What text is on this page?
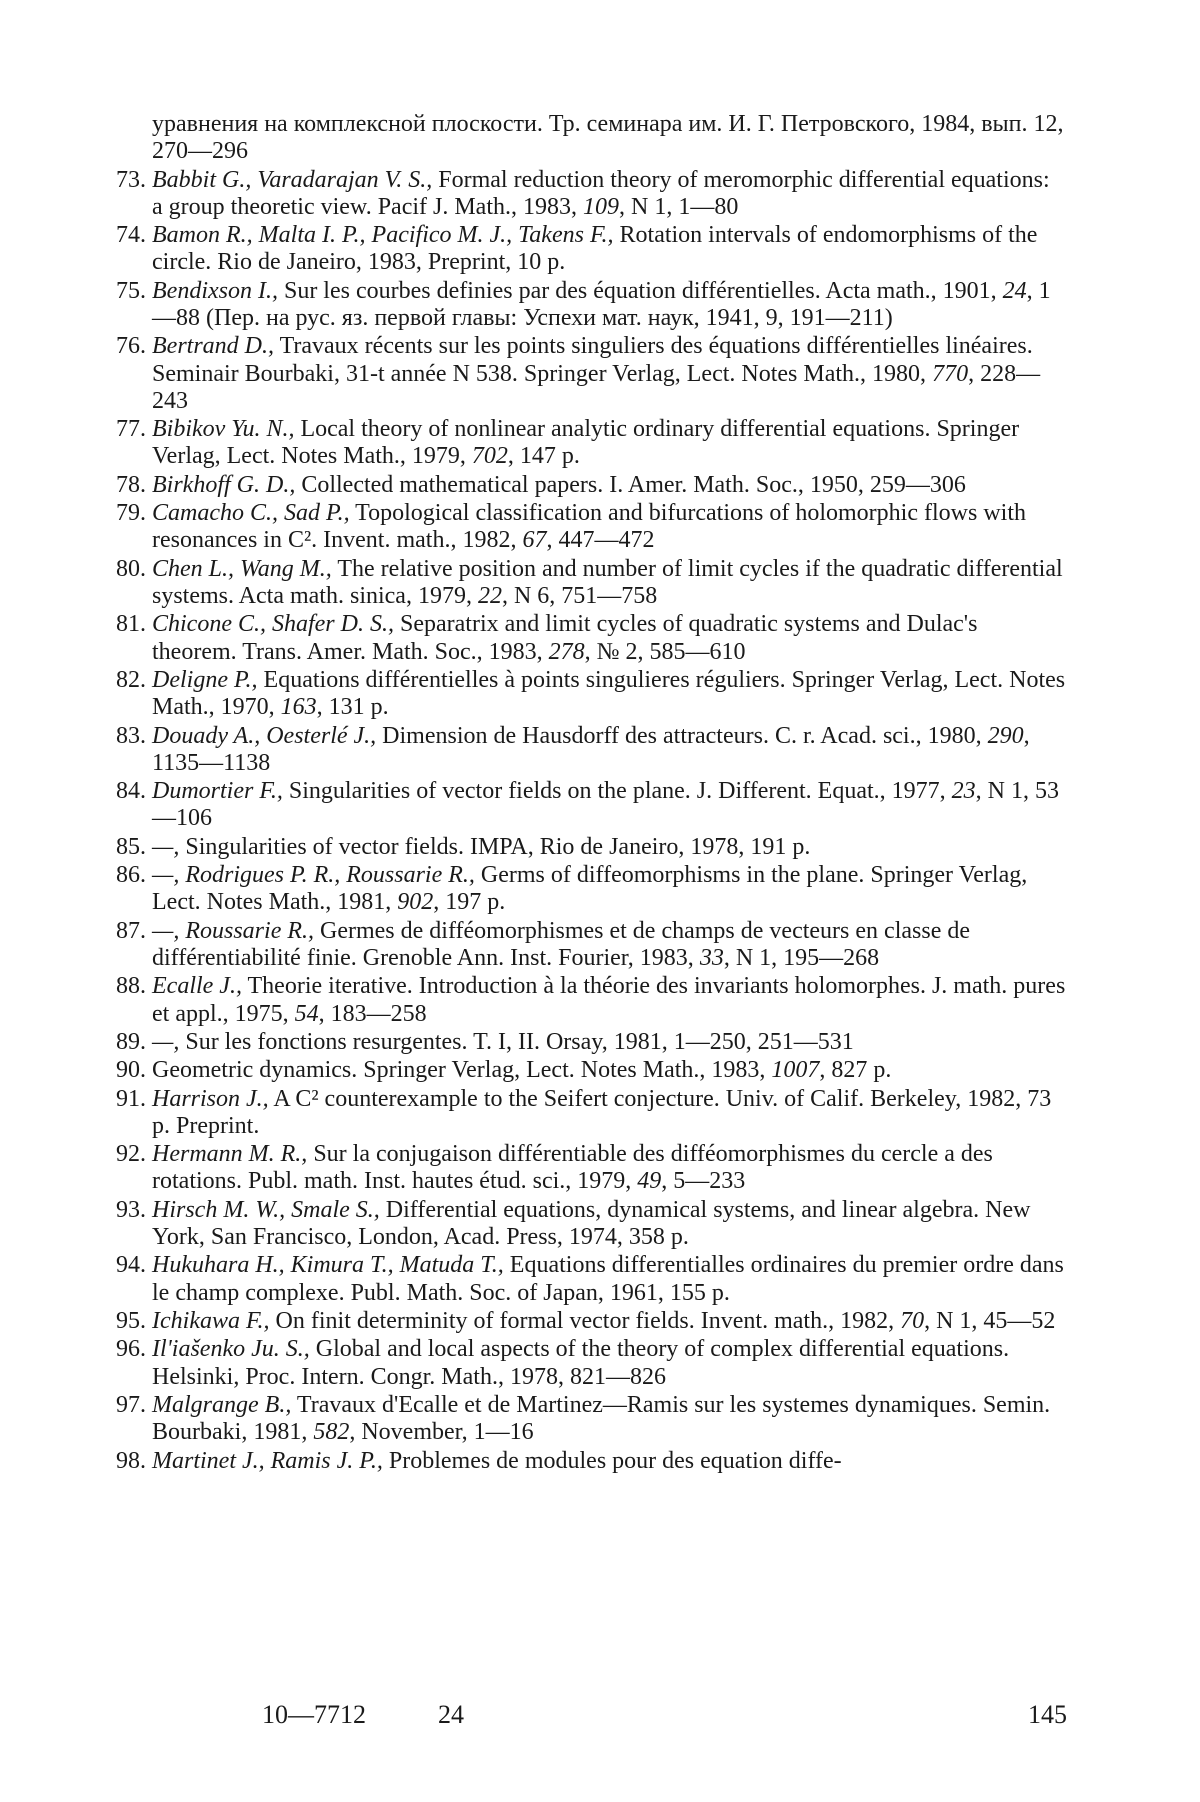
уравнения на комплексной плоскости. Тр. семинара им. И. Г. Петровского, 1984, вып. 12, 270—296
73. Babbit G., Varadarajan V. S., Formal reduction theory of meromorphic differential equations: a group theoretic view. Pacif J. Math., 1983, 109, N 1, 1—80
74. Bamon R., Malta I. P., Pacifico M. J., Takens F., Rotation intervals of endomorphisms of the circle. Rio de Janeiro, 1983, Preprint, 10 p.
75. Bendixson I., Sur les courbes definies par des équation différentielles. Acta math., 1901, 24, 1—88 (Пер. на рус. яз. первой главы: Успехи мат. наук, 1941, 9, 191—211)
76. Bertrand D., Travaux récents sur les points singuliers des équations différentielles linéaires. Seminair Bourbaki, 31-t année N 538. Springer Verlag, Lect. Notes Math., 1980, 770, 228—243
77. Bibikov Yu. N., Local theory of nonlinear analytic ordinary differential equations. Springer Verlag, Lect. Notes Math., 1979, 702, 147 p.
78. Birkhoff G. D., Collected mathematical papers. I. Amer. Math. Soc., 1950, 259—306
79. Camacho C., Sad P., Topological classification and bifurcations of holomorphic flows with resonances in C². Invent. math., 1982, 67, 447—472
80. Chen L., Wang M., The relative position and number of limit cycles if the quadratic differential systems. Acta math. sinica, 1979, 22, N 6, 751—758
81. Chicone C., Shafer D. S., Separatrix and limit cycles of quadratic systems and Dulac's theorem. Trans. Amer. Math. Soc., 1983, 278, № 2, 585—610
82. Deligne P., Equations différentielles à points singulieres réguliers. Springer Verlag, Lect. Notes Math., 1970, 163, 131 p.
83. Douady A., Oesterlé J., Dimension de Hausdorff des attracteurs. C. r. Acad. sci., 1980, 290, 1135—1138
84. Dumortier F., Singularities of vector fields on the plane. J. Different. Equat., 1977, 23, N 1, 53—106
85. —, Singularities of vector fields. IMPA, Rio de Janeiro, 1978, 191 p.
86. —, Rodrigues P. R., Roussarie R., Germs of diffeomorphisms in the plane. Springer Verlag, Lect. Notes Math., 1981, 902, 197 p.
87. —, Roussarie R., Germes de difféomorphismes et de champs de vecteurs en classe de différentiabilité finie. Grenoble Ann. Inst. Fourier, 1983, 33, N 1, 195—268
88. Ecalle J., Theorie iterative. Introduction à la théorie des invariants holomorphes. J. math. pures et appl., 1975, 54, 183—258
89. —, Sur les fonctions resurgentes. T. I, II. Orsay, 1981, 1—250, 251—531
90. Geometric dynamics. Springer Verlag, Lect. Notes Math., 1983, 1007, 827 p.
91. Harrison J., A C² counterexample to the Seifert conjecture. Univ. of Calif. Berkeley, 1982, 73 p. Preprint.
92. Hermann M. R., Sur la conjugaison différentiable des difféomorphismes du cercle a des rotations. Publ. math. Inst. hautes étud. sci., 1979, 49, 5—233
93. Hirsch M. W., Smale S., Differential equations, dynamical systems, and linear algebra. New York, San Francisco, London, Acad. Press, 1974, 358 p.
94. Hukuhara H., Kimura T., Matuda T., Equations differentialles ordinaires du premier ordre dans le champ complexe. Publ. Math. Soc. of Japan, 1961, 155 p.
95. Ichikawa F., On finit determinity of formal vector fields. Invent. math., 1982, 70, N 1, 45—52
96. Il'iašenko Ju. S., Global and local aspects of the theory of complex differential equations. Helsinki, Proc. Intern. Congr. Math., 1978, 821—826
97. Malgrange B., Travaux d'Ecalle et de Martinez—Ramis sur les systemes dynamiques. Semin. Bourbaki, 1981, 582, November, 1—16
98. Martinet J., Ramis J. P., Problemes de modules pour des equation diffe-
10—7712	24	145
